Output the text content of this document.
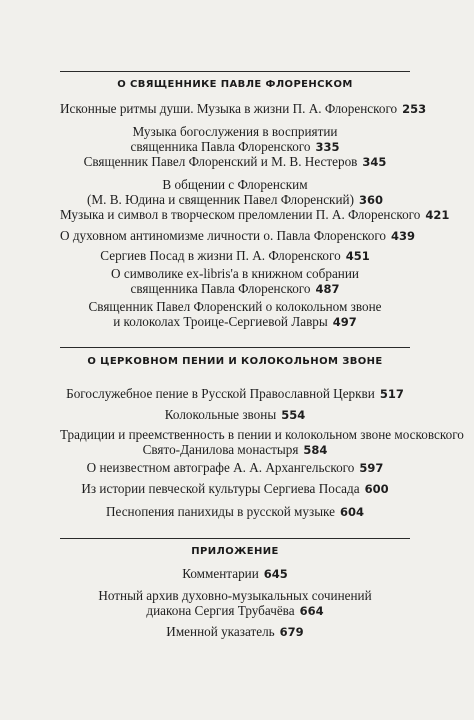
О СВЯЩЕННИКЕ ПАВЛЕ ФЛОРЕНСКОМ
Исконные ритмы души. Музыка в жизни П. А. Флоренского 253
Музыка богослужения в восприятии
священника Павла Флоренского 335
Священник Павел Флоренский и М. В. Нестеров 345
В общении с Флоренским
(М. В. Юдина и священник Павел Флоренский) 360
Музыка и символ в творческом преломлении П. А. Флоренского 421
О духовном антиномизме личности о. Павла Флоренского 439
Сергиев Посад в жизни П. А. Флоренского 451
О символике ex-libris'а в книжном собрании
священника Павла Флоренского 487
Священник Павел Флоренский о колокольном звоне
и колоколах Троице-Сергиевой Лавры 497
О ЦЕРКОВНОМ ПЕНИИ И КОЛОКОЛЬНОМ ЗВОНЕ
Богослужебное пение в Русской Православной Церкви 517
Колокольные звоны 554
Традиции и преемственность в пении и колокольном звоне московского
Свято-Данилова монастыря 584
О неизвестном автографе А. А. Архангельского 597
Из истории певческой культуры Сергиева Посада 600
Песнопения панихиды в русской музыке 604
ПРИЛОЖЕНИЕ
Комментарии 645
Нотный архив духовно-музыкальных сочинений
диакона Сергия Трубачёва 664
Именной указатель 679
